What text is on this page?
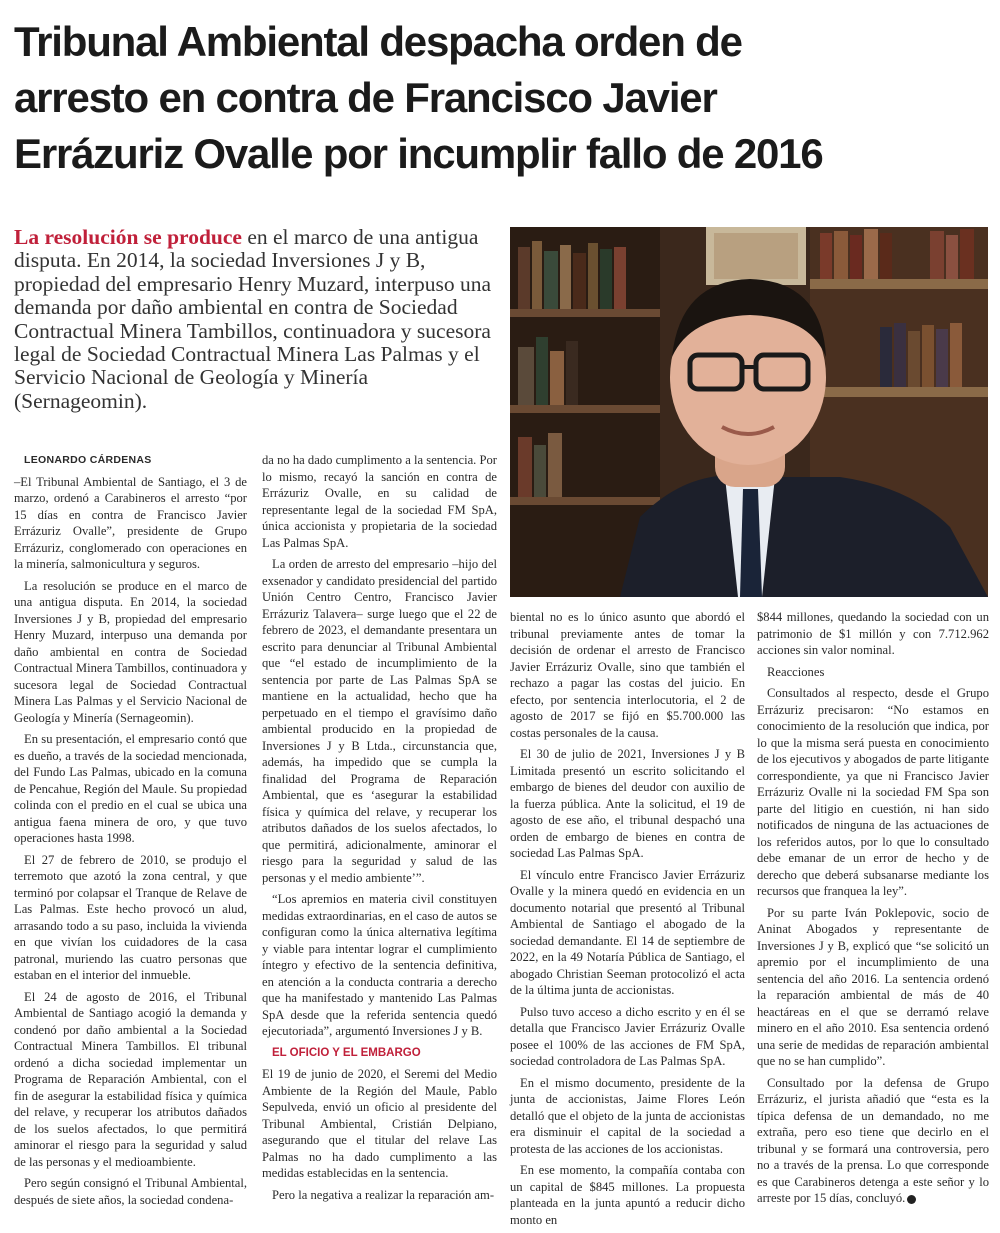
Tribunal Ambiental despacha orden de
arresto en contra de Francisco Javier
Errázuriz Ovalle por incumplir fallo de 2016

La resolución se produce en el marco de una antigua disputa. En 2014, la sociedad Inversiones J y B, propiedad del empresario Henry Muzard, interpuso una demanda por daño ambiental en contra de Sociedad Contractual Minera Tambillos, continuadora y sucesora legal de Sociedad Contractual Minera Las Palmas y el Servicio Nacional de Geología y Minería (Sernageomin).

LEONARDO CÁRDENAS

–El Tribunal Ambiental de Santiago, el 3 de marzo, ordenó a Carabineros el arresto “por 15 días en contra de Francisco Javier Errázuriz Ovalle”, presidente de Grupo Errázuriz, conglomerado con operaciones en la minería, salmonicultura y seguros.

La resolución se produce en el marco de una antigua disputa. En 2014, la sociedad Inversiones J y B, propiedad del empresario Henry Muzard, interpuso una demanda por daño ambiental en contra de Sociedad Contractual Minera Tambillos, continuadora y sucesora legal de Sociedad Contractual Minera Las Palmas y el Servicio Nacional de Geología y Minería (Sernageomin).

En su presentación, el empresario contó que es dueño, a través de la sociedad mencionada, del Fundo Las Palmas, ubicado en la comuna de Pencahue, Región del Maule. Su propiedad colinda con el predio en el cual se ubica una antigua faena minera de oro, y que tuvo operaciones hasta 1998.

El 27 de febrero de 2010, se produjo el terremoto que azotó la zona central, y que terminó por colapsar el Tranque de Relave de Las Palmas. Este hecho provocó un alud, arrasando todo a su paso, incluida la vivienda en que vivían los cuidadores de la casa patronal, muriendo las cuatro personas que estaban en el interior del inmueble.

El 24 de agosto de 2016, el Tribunal Ambiental de Santiago acogió la demanda y condenó por daño ambiental a la Sociedad Contractual Minera Tambillos. El tribunal ordenó a dicha sociedad implementar un Programa de Reparación Ambiental, con el fin de asegurar la estabilidad física y química del relave, y recuperar los atributos dañados de los suelos afectados, lo que permitirá aminorar el riesgo para la seguridad y salud de las personas y el medioambiente.

Pero según consignó el Tribunal Ambiental, después de siete años, la sociedad condena-

da no ha dado cumplimento a la sentencia. Por lo mismo, recayó la sanción en contra de Errázuriz Ovalle, en su calidad de representante legal de la sociedad FM SpA, única accionista y propietaria de la sociedad Las Palmas SpA.

La orden de arresto del empresario –hijo del exsenador y candidato presidencial del partido Unión Centro Centro, Francisco Javier Errázuriz Talavera– surge luego que el 22 de febrero de 2023, el demandante presentara un escrito para denunciar al Tribunal Ambiental que “el estado de incumplimiento de la sentencia por parte de Las Palmas SpA se mantiene en la actualidad, hecho que ha perpetuado en el tiempo el gravísimo daño ambiental producido en la propiedad de Inversiones J y B Ltda., circunstancia que, además, ha impedido que se cumpla la finalidad del Programa de Reparación Ambiental, que es ‘asegurar la estabilidad física y química del relave, y recuperar los atributos dañados de los suelos afectados, lo que permitirá, adicionalmente, aminorar el riesgo para la seguridad y salud de las personas y el medio ambiente’”.

“Los apremios en materia civil constituyen medidas extraordinarias, en el caso de autos se configuran como la única alternativa legítima y viable para intentar lograr el cumplimiento íntegro y efectivo de la sentencia definitiva, en atención a la conducta contraria a derecho que ha manifestado y mantenido Las Palmas SpA desde que la referida sentencia quedó ejecutoriada”, argumentó Inversiones J y B.

EL OFICIO Y EL EMBARGO

El 19 de junio de 2020, el Seremi del Medio Ambiente de la Región del Maule, Pablo Sepulveda, envió un oficio al presidente del Tribunal Ambiental, Cristián Delpiano, asegurando que el titular del relave Las Palmas no ha dado cumplimento a las medidas establecidas en la sentencia.

Pero la negativa a realizar la reparación am-

biental no es lo único asunto que abordó el tribunal previamente antes de tomar la decisión de ordenar el arresto de Francisco Javier Errázuriz Ovalle, sino que también el rechazo a pagar las costas del juicio. En efecto, por sentencia interlocutoria, el 2 de agosto de 2017 se fijó en $5.700.000 las costas personales de la causa.

El 30 de julio de 2021, Inversiones J y B Limitada presentó un escrito solicitando el embargo de bienes del deudor con auxilio de la fuerza pública. Ante la solicitud, el 19 de agosto de ese año, el tribunal despachó una orden de embargo de bienes en contra de sociedad Las Palmas SpA.

El vínculo entre Francisco Javier Errázuriz Ovalle y la minera quedó en evidencia en un documento notarial que presentó al Tribunal Ambiental de Santiago el abogado de la sociedad demandante. El 14 de septiembre de 2022, en la 49 Notaría Pública de Santiago, el abogado Christian Seeman protocolizó el acta de la última junta de accionistas.

Pulso tuvo acceso a dicho escrito y en él se detalla que Francisco Javier Errázuriz Ovalle posee el 100% de las acciones de FM SpA, sociedad controladora de Las Palmas SpA.

En el mismo documento, presidente de la junta de accionistas, Jaime Flores León detalló que el objeto de la junta de accionistas era disminuir el capital de la sociedad a protesta de las acciones de los accionistas.

En ese momento, la compañía contaba con un capital de $845 millones. La propuesta planteada en la junta apuntó a reducir dicho monto en

$844 millones, quedando la sociedad con un patrimonio de $1 millón y con 7.712.962 acciones sin valor nominal.

Reacciones

Consultados al respecto, desde el Grupo Errázuriz precisaron: “No estamos en conocimiento de la resolución que indica, por lo que la misma será puesta en conocimiento de los ejecutivos y abogados de parte litigante correspondiente, ya que ni Francisco Javier Errázuriz Ovalle ni la sociedad FM Spa son parte del litigio en cuestión, ni han sido notificados de ninguna de las actuaciones de los referidos autos, por lo que lo consultado debe emanar de un error de hecho y de derecho que deberá subsanarse mediante los recursos que franquea la ley”.

Por su parte Iván Poklepovic, socio de Aninat Abogados y representante de Inversiones J y B, explicó que “se solicitó un apremio por el incumplimiento de una sentencia del año 2016. La sentencia ordenó la reparación ambiental de más de 40 heactáreas en el que se derramó relave minero en el año 2010. Esa sentencia ordenó una serie de medidas de reparación ambiental que no se han cumplido”.

Consultado por la defensa de Grupo Errázuriz, el jurista añadió que “esta es la típica defensa de un demandado, no me extraña, pero eso tiene que decirlo en el tribunal y se formará una controversia, pero no a través de la prensa. Lo que corresponde es que Carabineros detenga a este señor y lo arreste por 15 días, concluyó.
